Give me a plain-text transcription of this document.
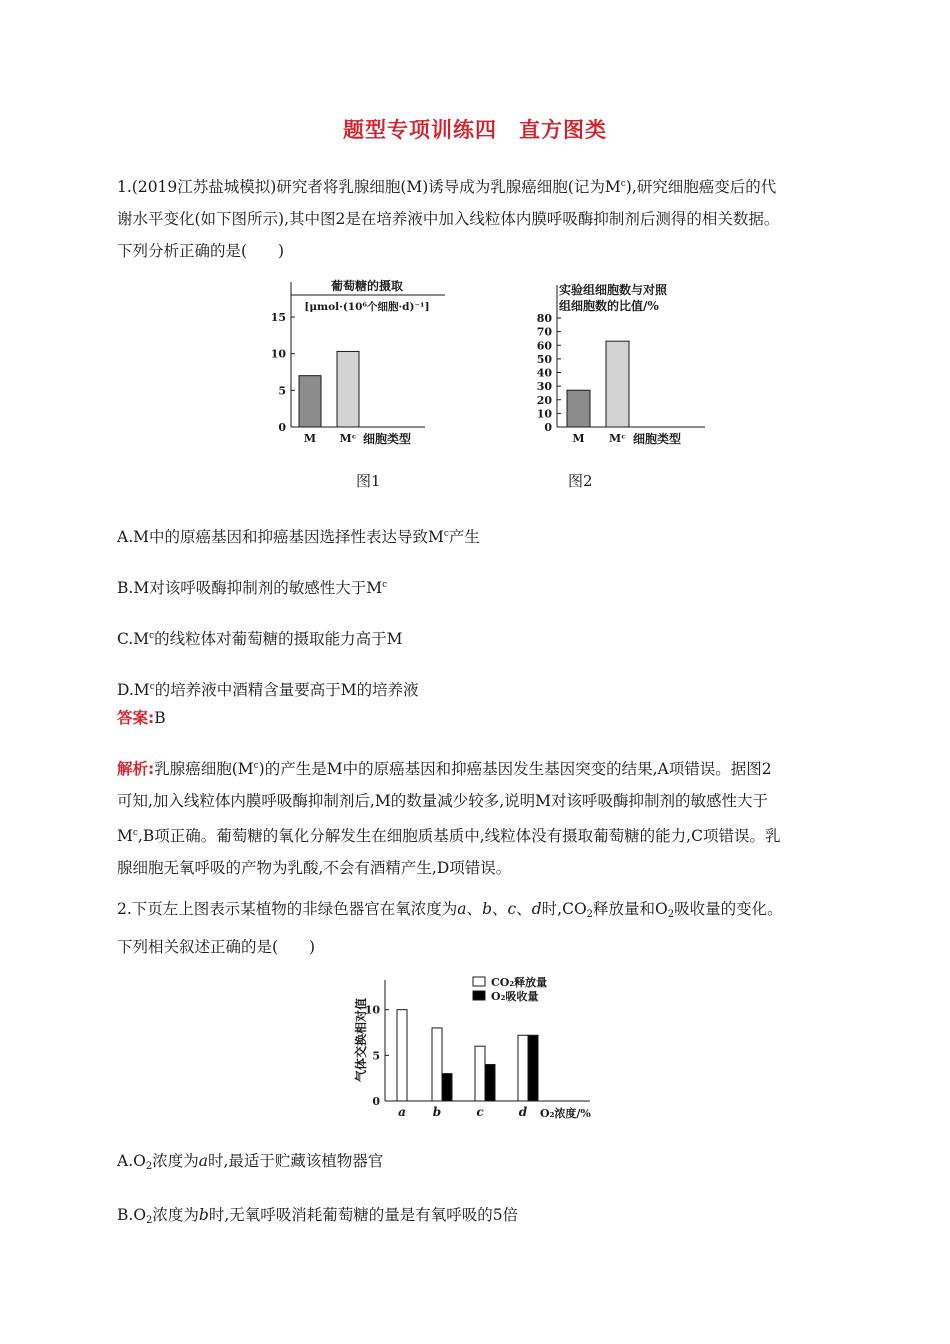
题型专项训练四　直方图类
1.(2019江苏盐城模拟)研究者将乳腺细胞(M)诱导成为乳腺癌细胞(记为$M^c$),研究细胞癌变后的代
谢水平变化(如下图所示),其中图2是在培养液中加入线粒体内膜呼吸酶抑制剂后测得的相关数据。
下列分析正确的是(　　)
葡萄糖的摄取
[μmol·(10⁶个细胞·d)⁻¹]
0
5
10
15
M Mᶜ 细胞类型
图1
实验组细胞数与对照
组细胞数的比值/%
0
10
20
30
40
50
60
70
80
M Mᶜ 细胞类型
图2
A.M中的原癌基因和抑癌基因选择性表达导致$M^c$产生
B.M对该呼吸酶抑制剂的敏感性大于$M^c$
$C.M^c$的线粒体对葡萄糖的摄取能力高于M
$D.M^c$的培养液中酒精含量要高于M的培养液
答案:B
解析:乳腺癌细胞$(M^c)$的产生是M中的原癌基因和抑癌基因发生基因突变的结果,A项错误。据图2
可知,加入线粒体内膜呼吸酶抑制剂后,M的数量减少较多,说明M对该呼吸酶抑制剂的敏感性大于
$M^c,B$项正确。葡萄糖的氧化分解发生在细胞质基质中,线粒体没有摄取葡萄糖的能力,C项错误。乳
腺细胞无氧呼吸的产物为乳酸,不会有酒精产生,D项错误。
2.下页左上图表示某植物的非绿色器官在氧浓度为a、b、c、d时$,CO_2$释放量和$O_2$吸收量的变化。
下列相关叙述正确的是(　　)
气体交换相对值
CO₂释放量
O₂吸收量
0
5
10
a b	c	d O₂浓度/%
$A.O_2$浓度为a时,最适于贮藏该植物器官
$B.O_2$浓度为b时,无氧呼吸消耗葡萄糖的量是有氧呼吸的5倍
